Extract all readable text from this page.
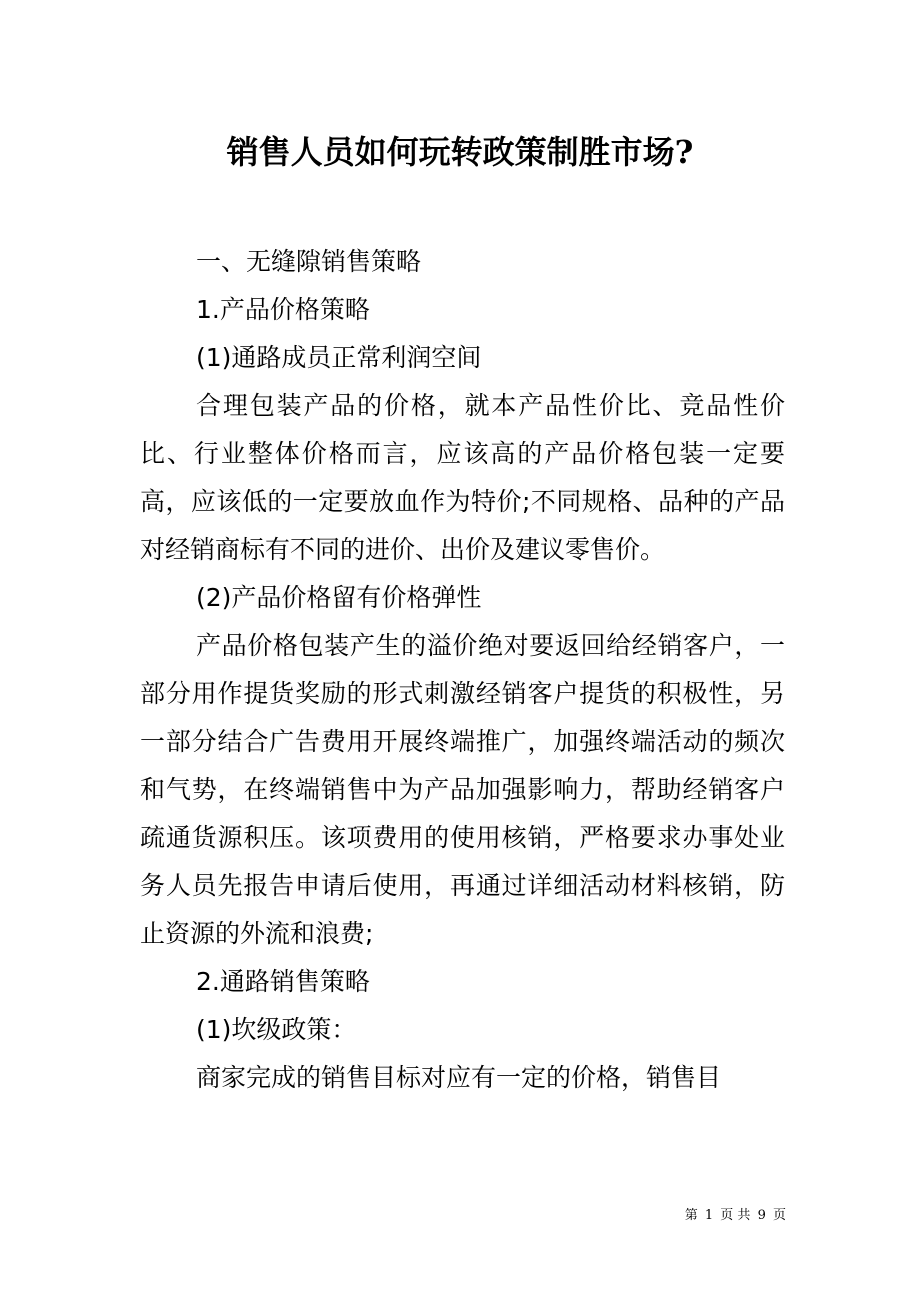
销售人员如何玩转政策制胜市场?

一、无缝隙销售策略

1.产品价格策略

(1)通路成员正常利润空间

合理包装产品的价格，就本产品性价比、竞品性价比、行业整体价格而言，应该高的产品价格包装一定要高，应该低的一定要放血作为特价;不同规格、品种的产品对经销商标有不同的进价、出价及建议零售价。

(2)产品价格留有价格弹性

产品价格包装产生的溢价绝对要返回给经销客户，一部分用作提货奖励的形式刺激经销客户提货的积极性，另一部分结合广告费用开展终端推广，加强终端活动的频次和气势，在终端销售中为产品加强影响力，帮助经销客户疏通货源积压。该项费用的使用核销，严格要求办事处业务人员先报告申请后使用，再通过详细活动材料核销，防止资源的外流和浪费;

2.通路销售策略

(1)坎级政策：

商家完成的销售目标对应有一定的价格，销售目

第 1 页 共 9 页
